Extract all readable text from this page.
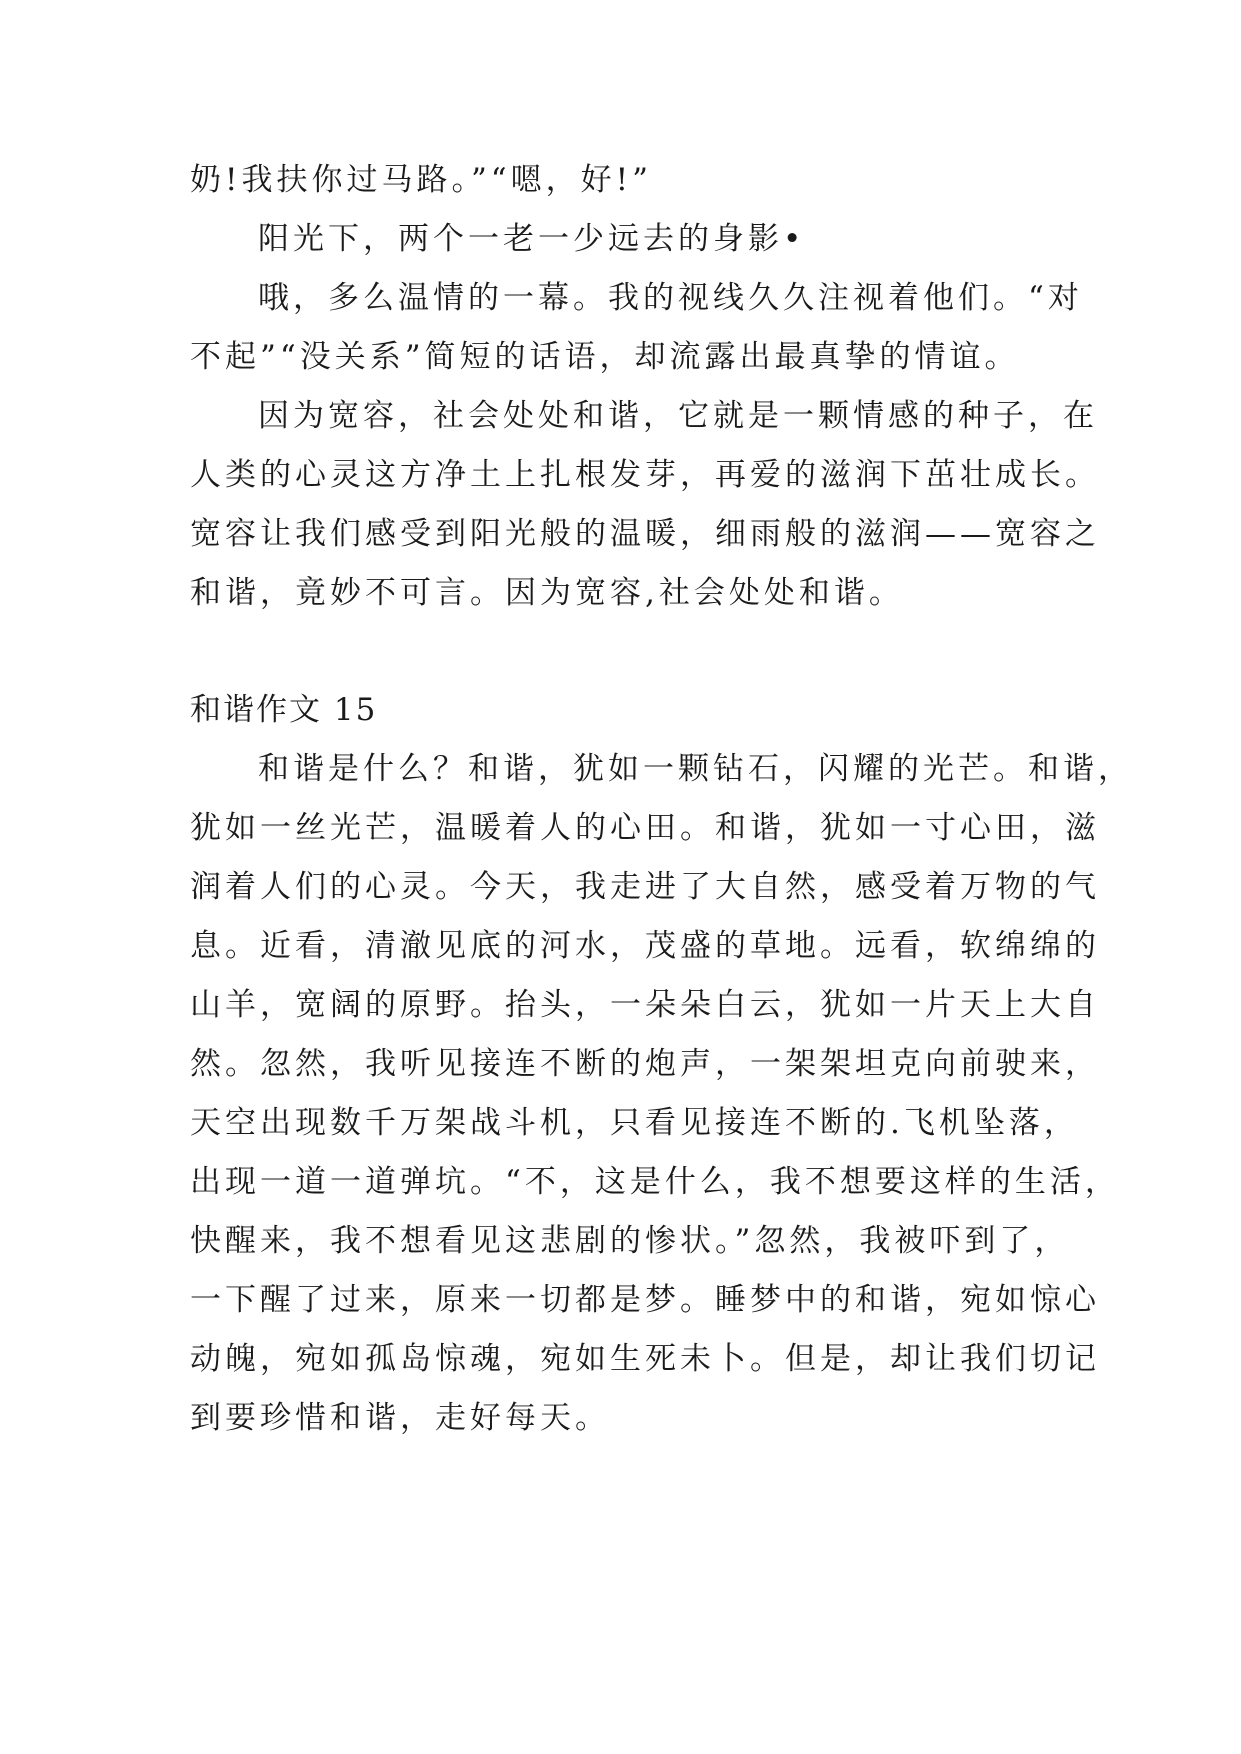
奶!我扶你过马路。”“嗯，好!”
阳光下，两个一老一少远去的身影•
哦，多么温情的一幕。我的视线久久注视着他们。“对
不起”“没关系”简短的话语，却流露出最真挚的情谊。
因为宽容，社会处处和谐，它就是一颗情感的种子，在
人类的心灵这方净土上扎根发芽，再爱的滋润下茁壮成长。
宽容让我们感受到阳光般的温暖，细雨般的滋润——宽容之
和谐，竟妙不可言。因为宽容,社会处处和谐。
和谐作文 15
和谐是什么？和谐，犹如一颗钻石，闪耀的光芒。和谐，
犹如一丝光芒，温暖着人的心田。和谐，犹如一寸心田，滋
润着人们的心灵。今天，我走进了大自然，感受着万物的气
息。近看，清澈见底的河水，茂盛的草地。远看，软绵绵的
山羊，宽阔的原野。抬头，一朵朵白云，犹如一片天上大自
然。忽然，我听见接连不断的炮声，一架架坦克向前驶来，
天空出现数千万架战斗机，只看见接连不断的.飞机坠落，
出现一道一道弹坑。“不，这是什么，我不想要这样的生活，
快醒来，我不想看见这悲剧的惨状。”忽然，我被吓到了，
一下醒了过来，原来一切都是梦。睡梦中的和谐，宛如惊心
动魄，宛如孤岛惊魂，宛如生死未卜。但是，却让我们切记
到要珍惜和谐，走好每天。
